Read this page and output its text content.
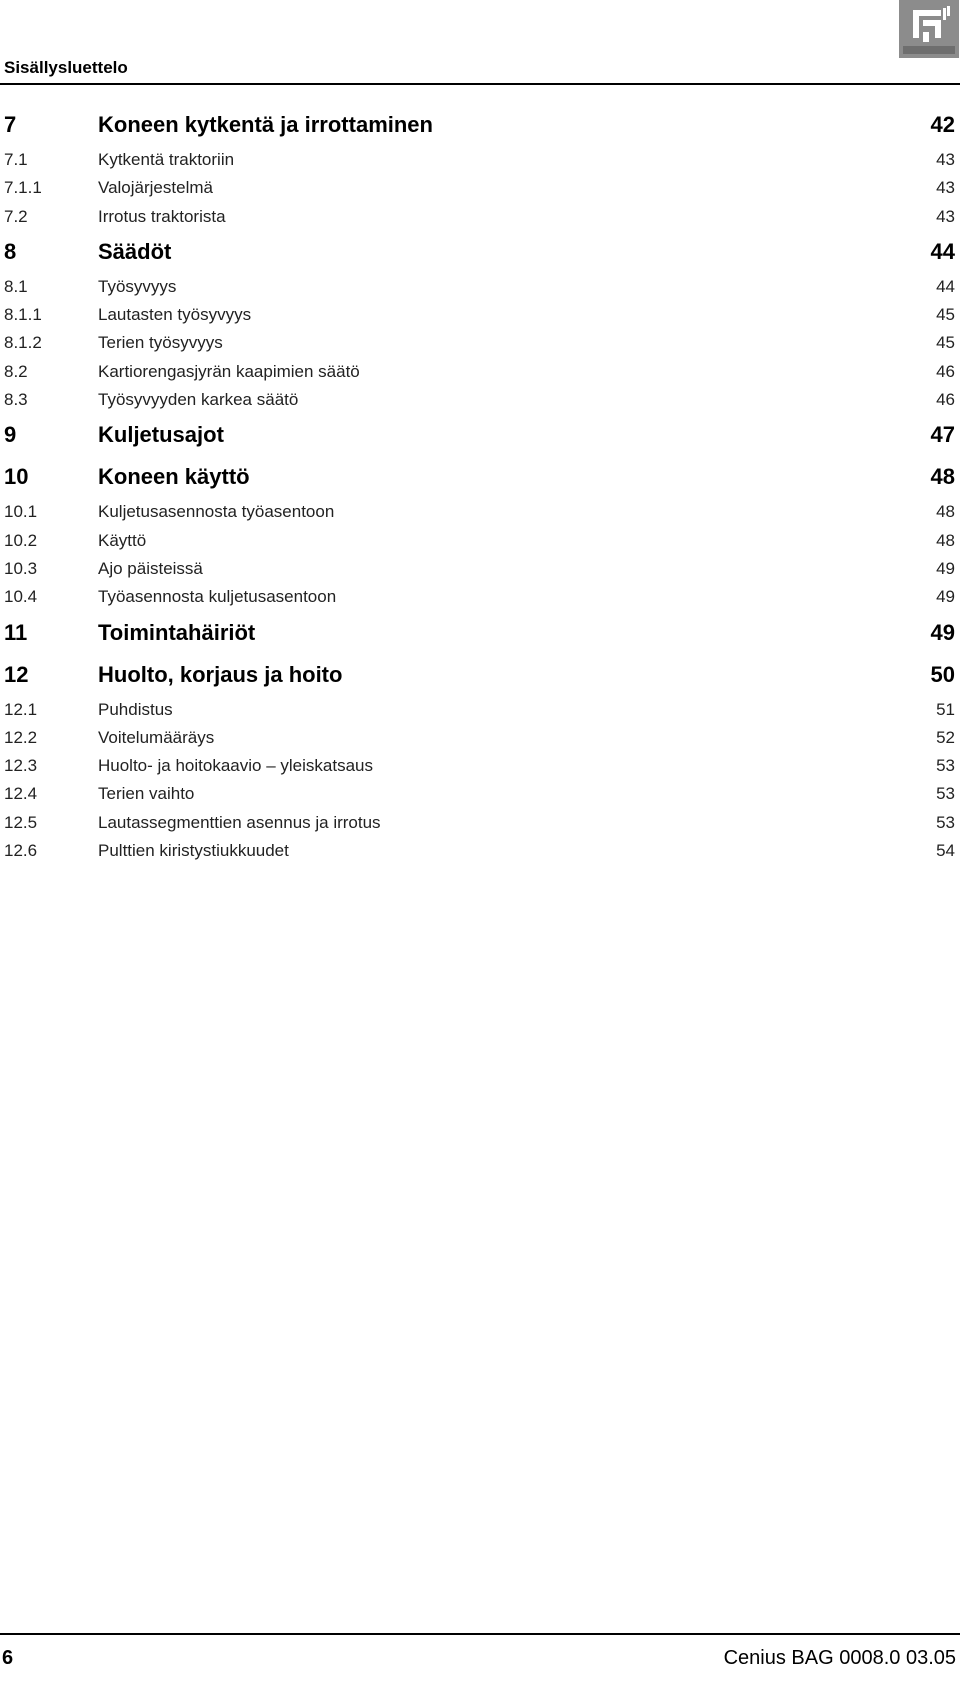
Sisällysluettelo
7	Koneen kytkentä ja irrottaminen .....	42
7.1	Kytkentä traktoriin .....	43
7.1.1	Valojärjestelmä .....	43
7.2	Irrotus traktorista .....	43
8	Säädöt .....	44
8.1	Työsyvyys .....	44
8.1.1	Lautasten työsyvyys .....	45
8.1.2	Terien työsyvyys .....	45
8.2	Kartiorengasjyrän kaapimien säätö .....	46
8.3	Työsyvyyden karkea säätö .....	46
9	Kuljetusajot .....	47
10	Koneen käyttö .....	48
10.1	Kuljetusasennosta työasentoon .....	48
10.2	Käyttö .....	48
10.3	Ajo päisteissä .....	49
10.4	Työasennosta kuljetusasentoon .....	49
11	Toimintahäiriöt .....	49
12	Huolto, korjaus ja hoito .....	50
12.1	Puhdistus .....	51
12.2	Voitelumääräys .....	52
12.3	Huolto- ja hoitokaavio – yleiskatsaus .....	53
12.4	Terien vaihto .....	53
12.5	Lautassegmenttien asennus ja irrotus .....	53
12.6	Pulttien kiristystiukkuudet .....	54
6	Cenius BAG 0008.0 03.05
